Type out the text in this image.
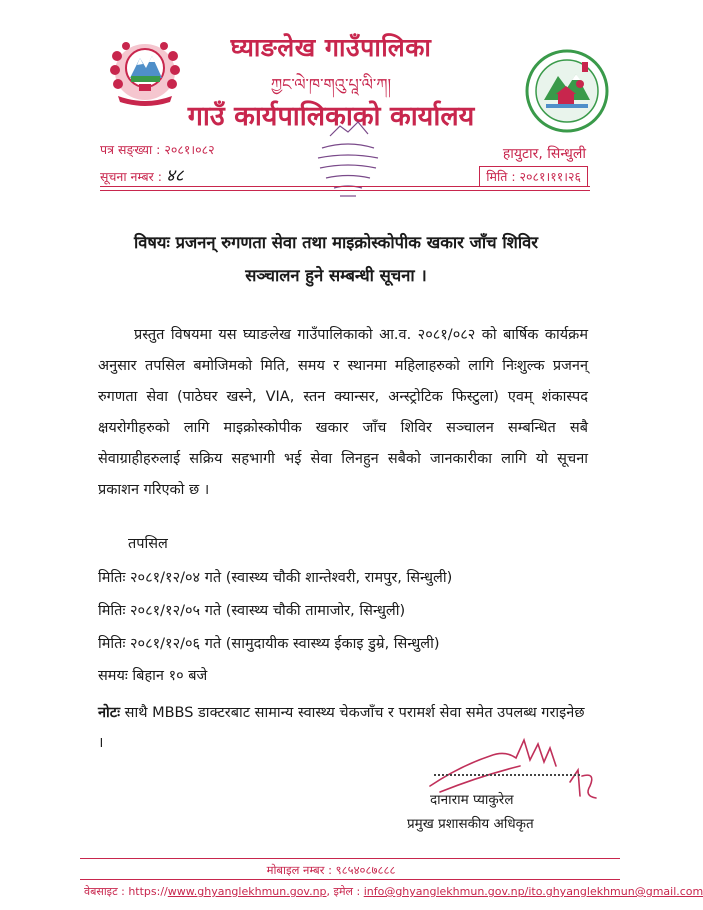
घ्याङलेख गाउँपालिका
ཀྱང་ལེ་ཁ་གའུ་པཱ་ལི་ཀ།
गाउँ कार्यपालिकाको कार्यालय
पत्र सङ्ख्या : २०८१।०८२
सूचना नम्बर : ४८
हायुटार, सिन्धुली
मिति : २०८१।११।२६
विषयः प्रजनन् रुगणता सेवा तथा माइक्रोस्कोपीक खकार जाँच शिविर
सञ्चालन हुने सम्बन्धी सूचना ।
प्रस्तुत विषयमा यस घ्याङलेख गाउँपालिकाको आ.व. २०८१/०८२ को बार्षिक कार्यक्रम अनुसार तपसिल बमोजिमको मिति, समय र स्थानमा महिलाहरुको लागि निःशुल्क प्रजनन् रुगणता सेवा (पाठेघर खस्ने, VIA, स्तन क्यान्सर, अन्स्ट्रोटिक फिस्टुला) एवम् शंकास्पद क्षयरोगीहरुको लागि माइक्रोस्कोपीक खकार जाँच शिविर सञ्चालन सम्बन्धित सबै सेवाग्राहीहरुलाई सक्रिय सहभागी भई सेवा लिनहुन सबैको जानकारीका लागि यो सूचना प्रकाशन गरिएको छ ।
तपसिल
मितिः २०८१/१२/०४ गते (स्वास्थ्य चौकी शान्तेश्वरी, रामपुर, सिन्धुली)
मितिः २०८१/१२/०५ गते (स्वास्थ्य चौकी तामाजोर, सिन्धुली)
मितिः २०८१/१२/०६ गते (सामुदायीक स्वास्थ्य ईकाइ डुम्रे, सिन्धुली)
समयः बिहान १० बजे
नोटः साथै MBBS डाक्टरबाट सामान्य स्वास्थ्य चेकजाँच र परामर्श सेवा समेत उपलब्ध गराइनेछ ।
दानाराम प्याकुरेल
प्रमुख प्रशासकीय अधिकृत
मोबाइल नम्बर : ९८५४०८७८८८
वेबसाइट : https://www.ghyanglekhmun.gov.np, इमेल : info@ghyanglekhmun.gov.np/ito.ghyanglekhmun@gmail.com
